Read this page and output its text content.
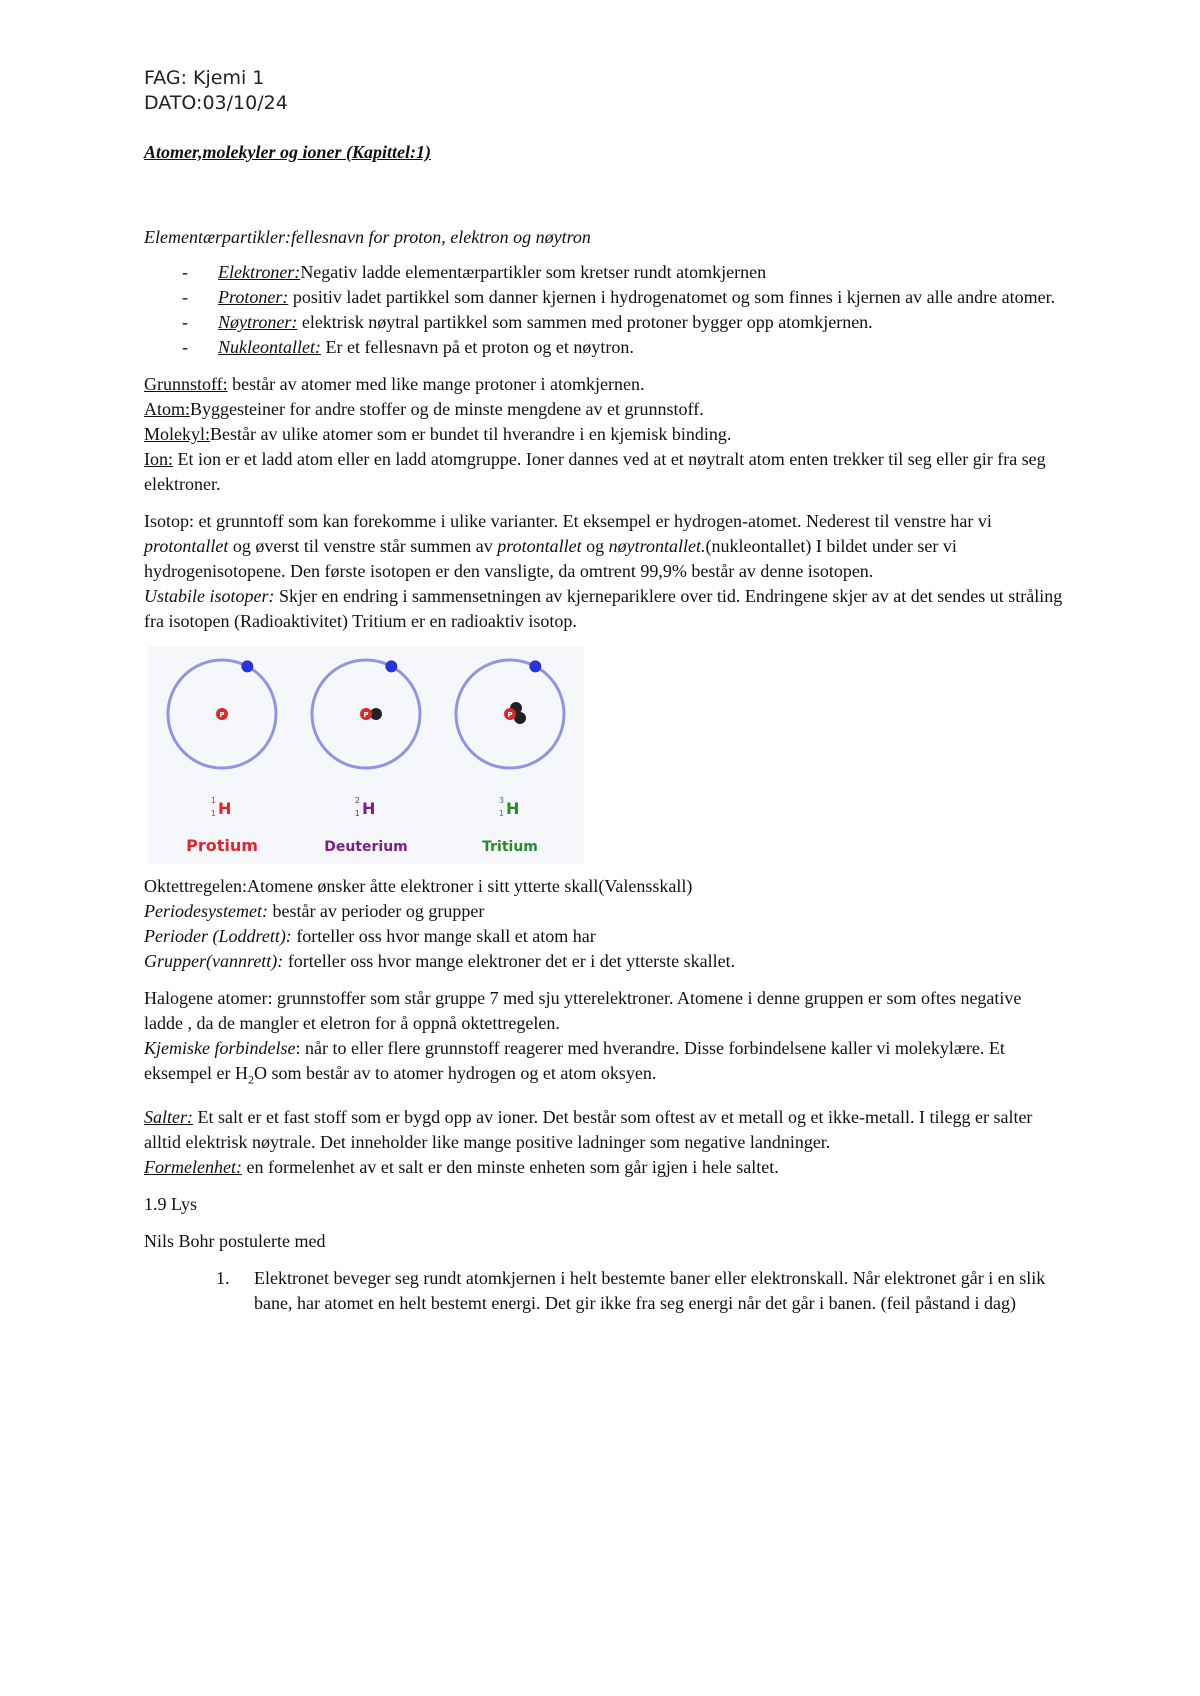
FAG: Kjemi 1
DATO:03/10/24

Atomer,molekyler og ioner (Kapittel:1)

Elementærpartikler:fellesnavn for proton, elektron og nøytron

- Elektroner:Negativ ladde elementærpartikler som kretser rundt atomkjernen
- Protoner: positiv ladet partikkel som danner kjernen i hydrogenatomet og som finnes i kjernen av alle andre atomer.
- Nøytroner: elektrisk nøytral partikkel som sammen med protoner bygger opp atomkjernen.
- Nukleontallet: Er et fellesnavn på et proton og et nøytron.

Grunnstoff: består av atomer med like mange protoner i atomkjernen.

Atom:Byggesteiner for andre stoffer og de minste mengdene av et grunnstoff.

Molekyl:Består av ulike atomer som er bundet til hverandre i en kjemisk binding.

Ion: Et ion er et ladd atom eller en ladd atomgruppe. Ioner dannes ved at et nøytralt atom enten trekker til seg eller gir fra seg elektroner.

Isotop: et grunntoff som kan forekomme i ulike varianter. Et eksempel er hydrogen-atomet. Nederest til venstre har vi protontallet og øverst til venstre står summen av protontallet og nøytrontallet.(nukleontallet) I bildet under ser vi hydrogenisotopene. Den første isotopen er den vansligte, da omtrent 99,9% består av denne isotopen.

Ustabile isotoper: Skjer en endring i sammensetningen av kjernepariklere over tid. Endringene skjer av at det sendes ut stråling fra isotopen (Radioaktivitet) Tritium er en radioaktiv isotop.

P
1
1 H
Protium
P
2
1 H
Deuterium
P
3
1 H
Tritium

Oktettregelen:Atomene ønsker åtte elektroner i sitt ytterte skall(Valensskall)

Periodesystemet: består av perioder og grupper

Perioder (Loddrett): forteller oss hvor mange skall et atom har

Grupper(vannrett): forteller oss hvor mange elektroner det er i det ytterste skallet.

Halogene atomer: grunnstoffer som står gruppe 7 med sju ytterelektroner. Atomene i denne gruppen er som oftes negative ladde , da de mangler et eletron for å oppnå oktettregelen.

Kjemiske forbindelse: når to eller flere grunnstoff reagerer med hverandre. Disse forbindelsene kaller vi molekylære. Et eksempel er $H_2O$ som består av to atomer hydrogen og et atom oksyen.

Salter: Et salt er et fast stoff som er bygd opp av ioner. Det består som oftest av et metall og et ikke-metall. I tilegg er salter alltid elektrisk nøytrale. Det inneholder like mange positive ladninger som negative landninger.

Formelenhet: en formelenhet av et salt er den minste enheten som går igjen i hele saltet.

1.9 Lys

Nils Bohr postulerte med

1. Elektronet beveger seg rundt atomkjernen i helt bestemte baner eller elektronskall. Når elektronet går i en slik bane, har atomet en helt bestemt energi. Det gir ikke fra seg energi når det går i banen. (feil påstand i dag)
